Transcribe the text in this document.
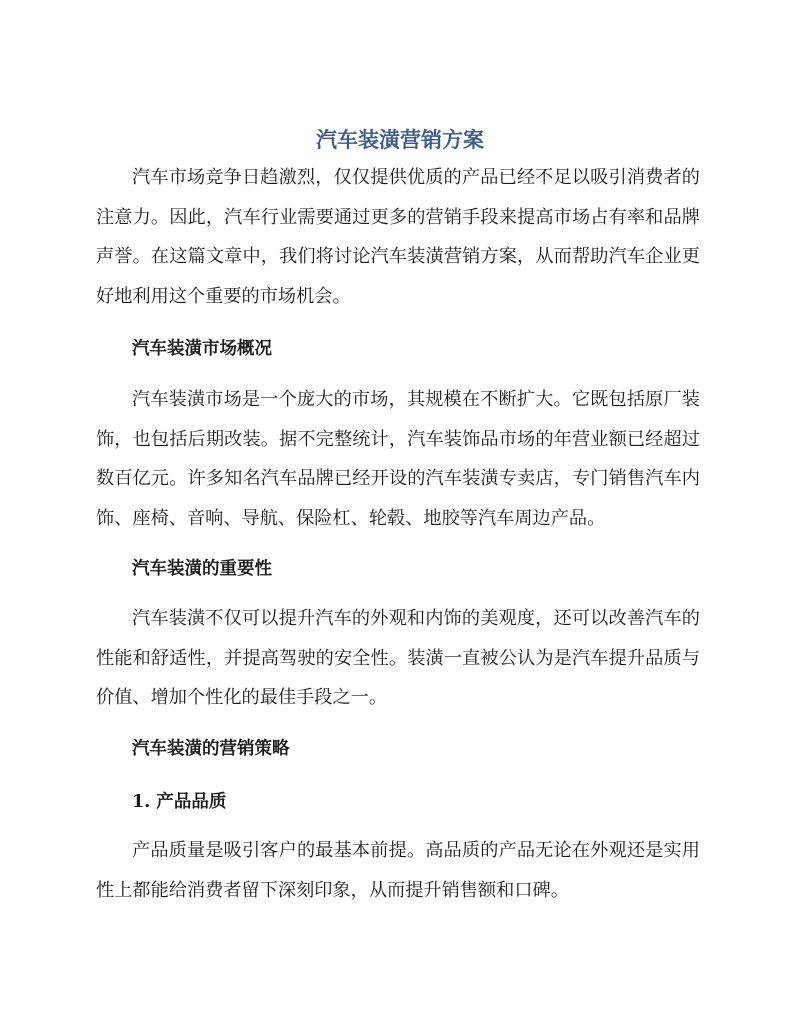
汽车装潢营销方案

汽车市场竞争日趋激烈，仅仅提供优质的产品已经不足以吸引消费者的注意力。因此，汽车行业需要通过更多的营销手段来提高市场占有率和品牌声誉。在这篇文章中，我们将讨论汽车装潢营销方案，从而帮助汽车企业更好地利用这个重要的市场机会。

汽车装潢市场概况

汽车装潢市场是一个庞大的市场，其规模在不断扩大。它既包括原厂装饰，也包括后期改装。据不完整统计，汽车装饰品市场的年营业额已经超过数百亿元。许多知名汽车品牌已经开设的汽车装潢专卖店，专门销售汽车内饰、座椅、音响、导航、保险杠、轮毂、地胶等汽车周边产品。

汽车装潢的重要性

汽车装潢不仅可以提升汽车的外观和内饰的美观度，还可以改善汽车的性能和舒适性，并提高驾驶的安全性。装潢一直被公认为是汽车提升品质与价值、增加个性化的最佳手段之一。

汽车装潢的营销策略

1. 产品品质

产品质量是吸引客户的最基本前提。高品质的产品无论在外观还是实用性上都能给消费者留下深刻印象，从而提升销售额和口碑。
